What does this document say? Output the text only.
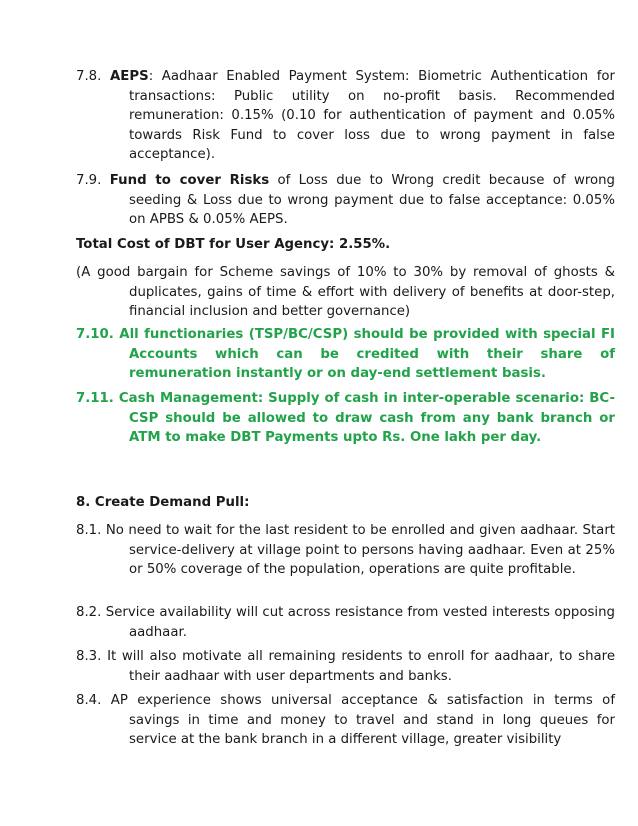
7.8. AEPS: Aadhaar Enabled Payment System: Biometric Authentication for transactions: Public utility on no-profit basis. Recommended remuneration: 0.15% (0.10 for authentication of payment and 0.05% towards Risk Fund to cover loss due to wrong payment in false acceptance).
7.9. Fund to cover Risks of Loss due to Wrong credit because of wrong seeding & Loss due to wrong payment due to false acceptance: 0.05% on APBS & 0.05% AEPS.
Total Cost of DBT for User Agency: 2.55%.
(A good bargain for Scheme savings of 10% to 30% by removal of ghosts & duplicates, gains of time & effort with delivery of benefits at door-step, financial inclusion and better governance)
7.10. All functionaries (TSP/BC/CSP) should be provided with special FI Accounts which can be credited with their share of remuneration instantly or on day-end settlement basis.
7.11. Cash Management: Supply of cash in inter-operable scenario: BC-CSP should be allowed to draw cash from any bank branch or ATM to make DBT Payments upto Rs. One lakh per day.
8. Create Demand Pull:
8.1. No need to wait for the last resident to be enrolled and given aadhaar. Start service-delivery at village point to persons having aadhaar. Even at 25% or 50% coverage of the population, operations are quite profitable.
8.2. Service availability will cut across resistance from vested interests opposing aadhaar.
8.3. It will also motivate all remaining residents to enroll for aadhaar, to share their aadhaar with user departments and banks.
8.4. AP experience shows universal acceptance & satisfaction in terms of savings in time and money to travel and stand in long queues for service at the bank branch in a different village, greater visibility
